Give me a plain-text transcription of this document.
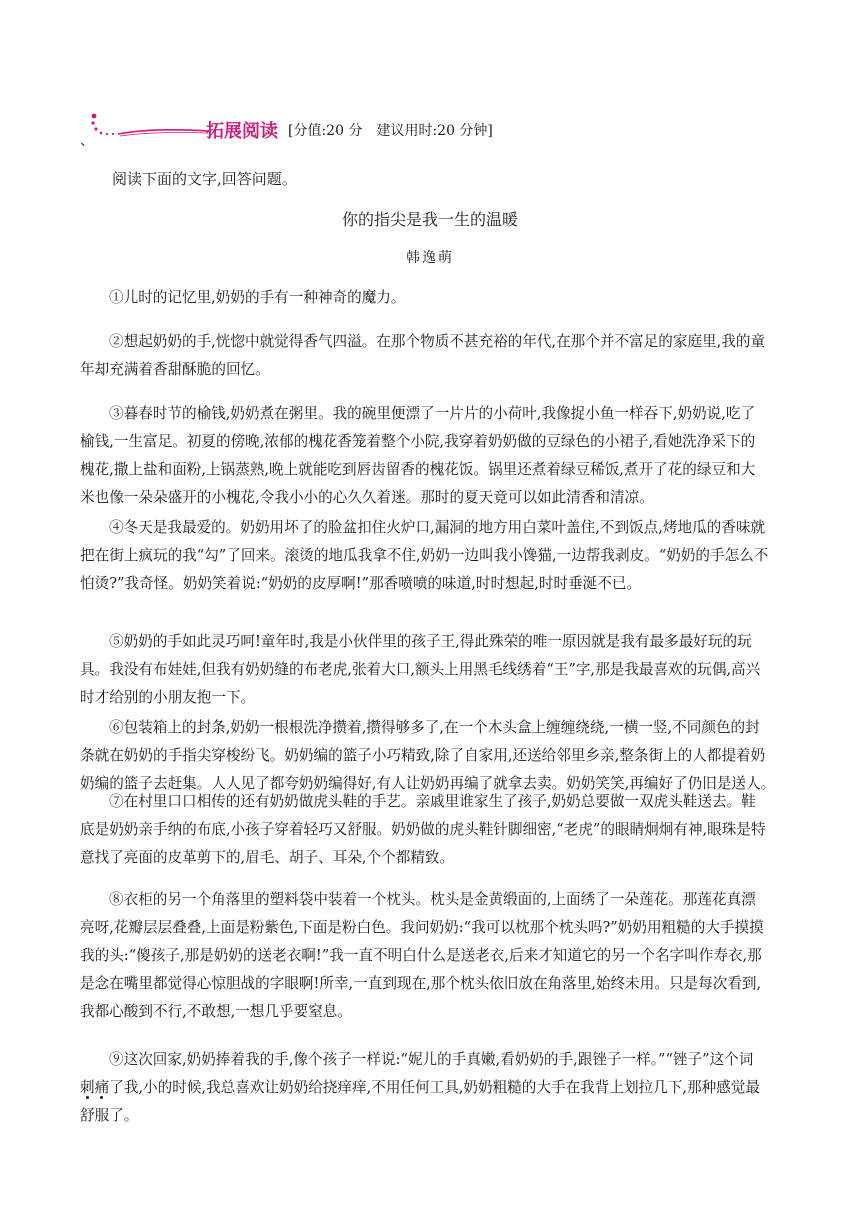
、	拓展阅读 [分值:20 分　建议用时:20 分钟]
阅读下面的文字,回答问题。
你的指尖是我一生的温暖
韩逸萌

①儿时的记忆里,奶奶的手有一种神奇的魔力。

②想起奶奶的手,恍惚中就觉得香气四溢。在那个物质不甚充裕的年代,在那个并不富足的家庭里,我的童
年却充满着香甜酥脆的回忆。

③暮春时节的榆钱,奶奶煮在粥里。我的碗里便漂了一片片的小荷叶,我像捉小鱼一样吞下,奶奶说,吃了
榆钱,一生富足。初夏的傍晚,浓郁的槐花香笼着整个小院,我穿着奶奶做的豆绿色的小裙子,看她洗净采下的
槐花,撒上盐和面粉,上锅蒸熟,晚上就能吃到唇齿留香的槐花饭。锅里还煮着绿豆稀饭,煮开了花的绿豆和大
米也像一朵朵盛开的小槐花,令我小小的心久久着迷。那时的夏天竟可以如此清香和清凉。

④冬天是我最爱的。奶奶用坏了的脸盆扣住火炉口,漏洞的地方用白菜叶盖住,不到饭点,烤地瓜的香味就
把在街上疯玩的我“勾”了回来。滚烫的地瓜我拿不住,奶奶一边叫我小馋猫,一边帮我剥皮。“奶奶的手怎么不
怕烫?”我奇怪。奶奶笑着说:“奶奶的皮厚啊!”那香喷喷的味道,时时想起,时时垂涎不已。

⑤奶奶的手如此灵巧呵!童年时,我是小伙伴里的孩子王,得此殊荣的唯一原因就是我有最多最好玩的玩
具。我没有布娃娃,但我有奶奶缝的布老虎,张着大口,额头上用黑毛线绣着“王”字,那是我最喜欢的玩偶,高兴
时才给别的小朋友抱一下。

⑥包装箱上的封条,奶奶一根根洗净攒着,攒得够多了,在一个木头盒上缠缠绕绕,一横一竖,不同颜色的封
条就在奶奶的手指尖穿梭纷飞。奶奶编的篮子小巧精致,除了自家用,还送给邻里乡亲,整条街上的人都提着奶
奶编的篮子去赶集。人人见了都夸奶奶编得好,有人让奶奶再编了就拿去卖。奶奶笑笑,再编好了仍旧是送人。

⑦在村里口口相传的还有奶奶做虎头鞋的手艺。亲戚里谁家生了孩子,奶奶总要做一双虎头鞋送去。鞋
底是奶奶亲手纳的布底,小孩子穿着轻巧又舒服。奶奶做的虎头鞋针脚细密,“老虎”的眼睛炯炯有神,眼珠是特
意找了亮面的皮革剪下的,眉毛、胡子、耳朵,个个都精致。

⑧衣柜的另一个角落里的塑料袋中装着一个枕头。枕头是金黄缎面的,上面绣了一朵莲花。那莲花真漂
亮呀,花瓣层层叠叠,上面是粉紫色,下面是粉白色。我问奶奶:“我可以枕那个枕头吗?”奶奶用粗糙的大手摸摸
我的头:“傻孩子,那是奶奶的送老衣啊!”我一直不明白什么是送老衣,后来才知道它的另一个名字叫作寿衣,那
是念在嘴里都觉得心惊胆战的字眼啊!所幸,一直到现在,那个枕头依旧放在角落里,始终未用。只是每次看到,
我都心酸到不行,不敢想,一想几乎要窒息。

⑨这次回家,奶奶捧着我的手,像个孩子一样说:“妮儿的手真嫩,看奶奶的手,跟锉子一样。”“锉子”这个词
刺痛了我,小的时候,我总喜欢让奶奶给挠痒痒,不用任何工具,奶奶粗糙的大手在我背上划拉几下,那种感觉最
舒服了。
